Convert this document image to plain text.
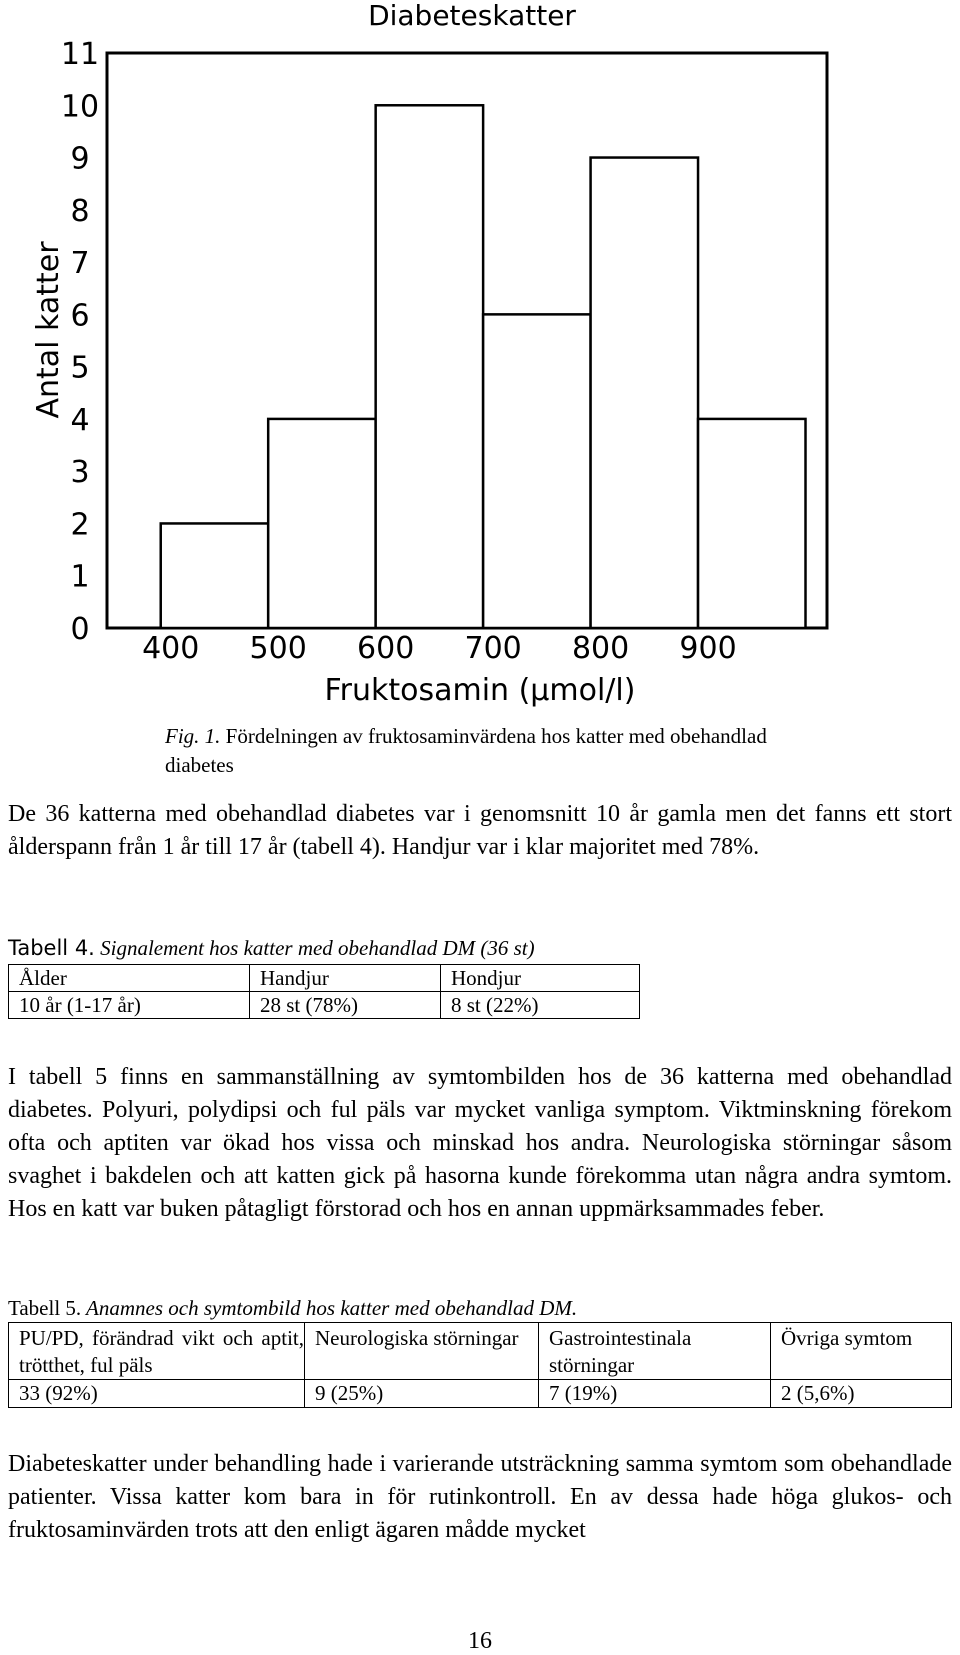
Diabeteskatter
0
1
2
3
4
5
6
7
8
9
10
11
400 500 600 700 800 900
Antal katter
Fruktosamin (µmol/l)
Fig. 1. Fördelningen av fruktosaminvärdena hos katter med obehandlad diabetes
De 36 katterna med obehandlad diabetes var i genomsnitt 10 år gamla men det fanns ett stort ålderspann från 1 år till 17 år (tabell 4). Handjur var i klar majoritet med 78%.
Tabell 4. Signalement hos katter med obehandlad DM (36 st)
Ålder	Handjur	Hondjur
10 år (1-17 år)	28 st (78%)	8 st (22%)
I tabell 5 finns en sammanställning av symtombilden hos de 36 katterna med obehandlad diabetes. Polyuri, polydipsi och ful päls var mycket vanliga symptom. Viktminskning förekom ofta och aptiten var ökad hos vissa och minskad hos andra. Neurologiska störningar såsom svaghet i bakdelen och att katten gick på hasorna kunde förekomma utan några andra symtom. Hos en katt var buken påtagligt förstorad och hos en annan uppmärksammades feber.
Tabell 5. Anamnes och symtombild hos katter med obehandlad DM.
PU/PD, förändrad vikt och aptit, trötthet, ful päls	Neurologiska störningar	Gastrointestinala störningar	Övriga symtom
33 (92%)	9 (25%)	7 (19%)	2 (5,6%)
Diabeteskatter under behandling hade i varierande utsträckning samma symtom som obehandlade patienter. Vissa katter kom bara in för rutinkontroll. En av dessa hade höga glukos- och fruktosaminvärden trots att den enligt ägaren mådde mycket
16
